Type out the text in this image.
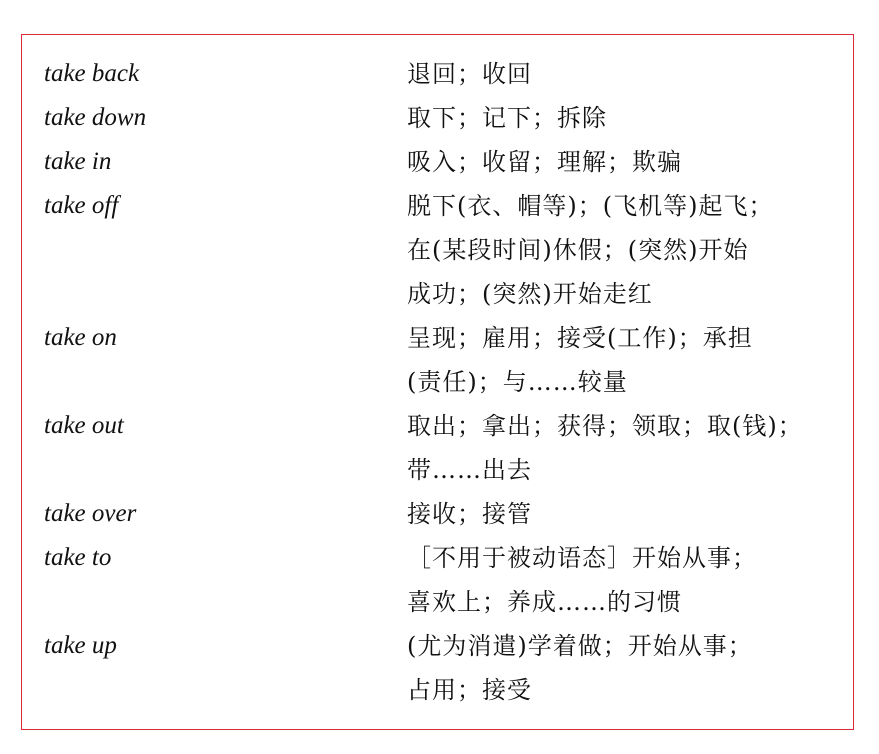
take back	退回；收回
take down	取下；记下；拆除
take in	吸入；收留；理解；欺骗
take off	脱下(衣、帽等)；(飞机等)起飞；
在(某段时间)休假；(突然)开始
成功；(突然)开始走红
take on	呈现；雇用；接受(工作)；承担
(责任)；与……较量
take out	取出；拿出；获得；领取；取(钱)；
带……出去
take over	接收；接管
take to	［不用于被动语态］开始从事；
喜欢上；养成……的习惯
take up	(尤为消遣)学着做；开始从事；
占用；接受
